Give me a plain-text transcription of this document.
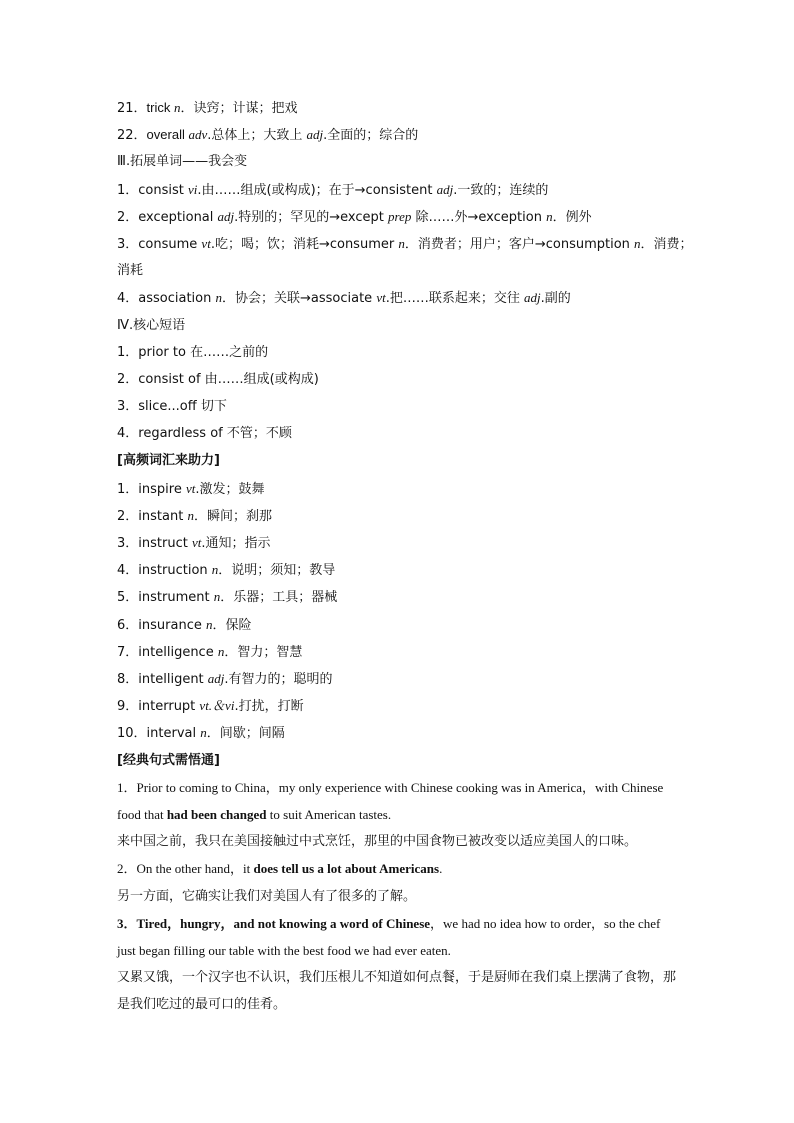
21．trick n．诀窍；计谋；把戏
22．overall adv.总体上；大致上 adj.全面的；综合的
Ⅲ.拓展单词——我会变
1．consist vi.由……组成(或构成)；在于→consistent adj.一致的；连续的
2．exceptional adj.特别的；罕见的→except prep 除……外→exception n．例外
3．consume vt.吃；喝；饮；消耗→consumer n．消费者；用户；客户→consumption n．消费；
消耗
4．association n．协会；关联→associate vt.把……联系起来；交往 adj.副的
Ⅳ.核心短语
1．prior to 在……之前的
2．consist of 由……组成(或构成)
3．slice...off 切下
4．regardless of 不管；不顾
[高频词汇来助力]
1．inspire vt.激发；鼓舞
2．instant n．瞬间；刹那
3．instruct vt.通知；指示
4．instruction n．说明；须知；教导
5．instrument n．乐器；工具；器械
6．insurance n．保险
7．intelligence n．智力；智慧
8．intelligent adj.有智力的；聪明的
9．interrupt vt.＆vi.打扰，打断
10．interval n．间歇；间隔
[经典句式需悟通]
1．Prior to coming to China，my only experience with Chinese cooking was in America，with Chinese food that had been changed to suit American tastes.
来中国之前，我只在美国接触过中式烹饪，那里的中国食物已被改变以适应美国人的口味。
2．On the other hand，it does tell us a lot about Americans.
另一方面，它确实让我们对美国人有了很多的了解。
3．Tired，hungry，and not knowing a word of Chinese，we had no idea how to order，so the chef just began filling our table with the best food we had ever eaten.
又累又饿，一个汉字也不认识，我们压根儿不知道如何点餐，于是厨师在我们桌上摆满了食物，那是我们吃过的最可口的佳肴。
